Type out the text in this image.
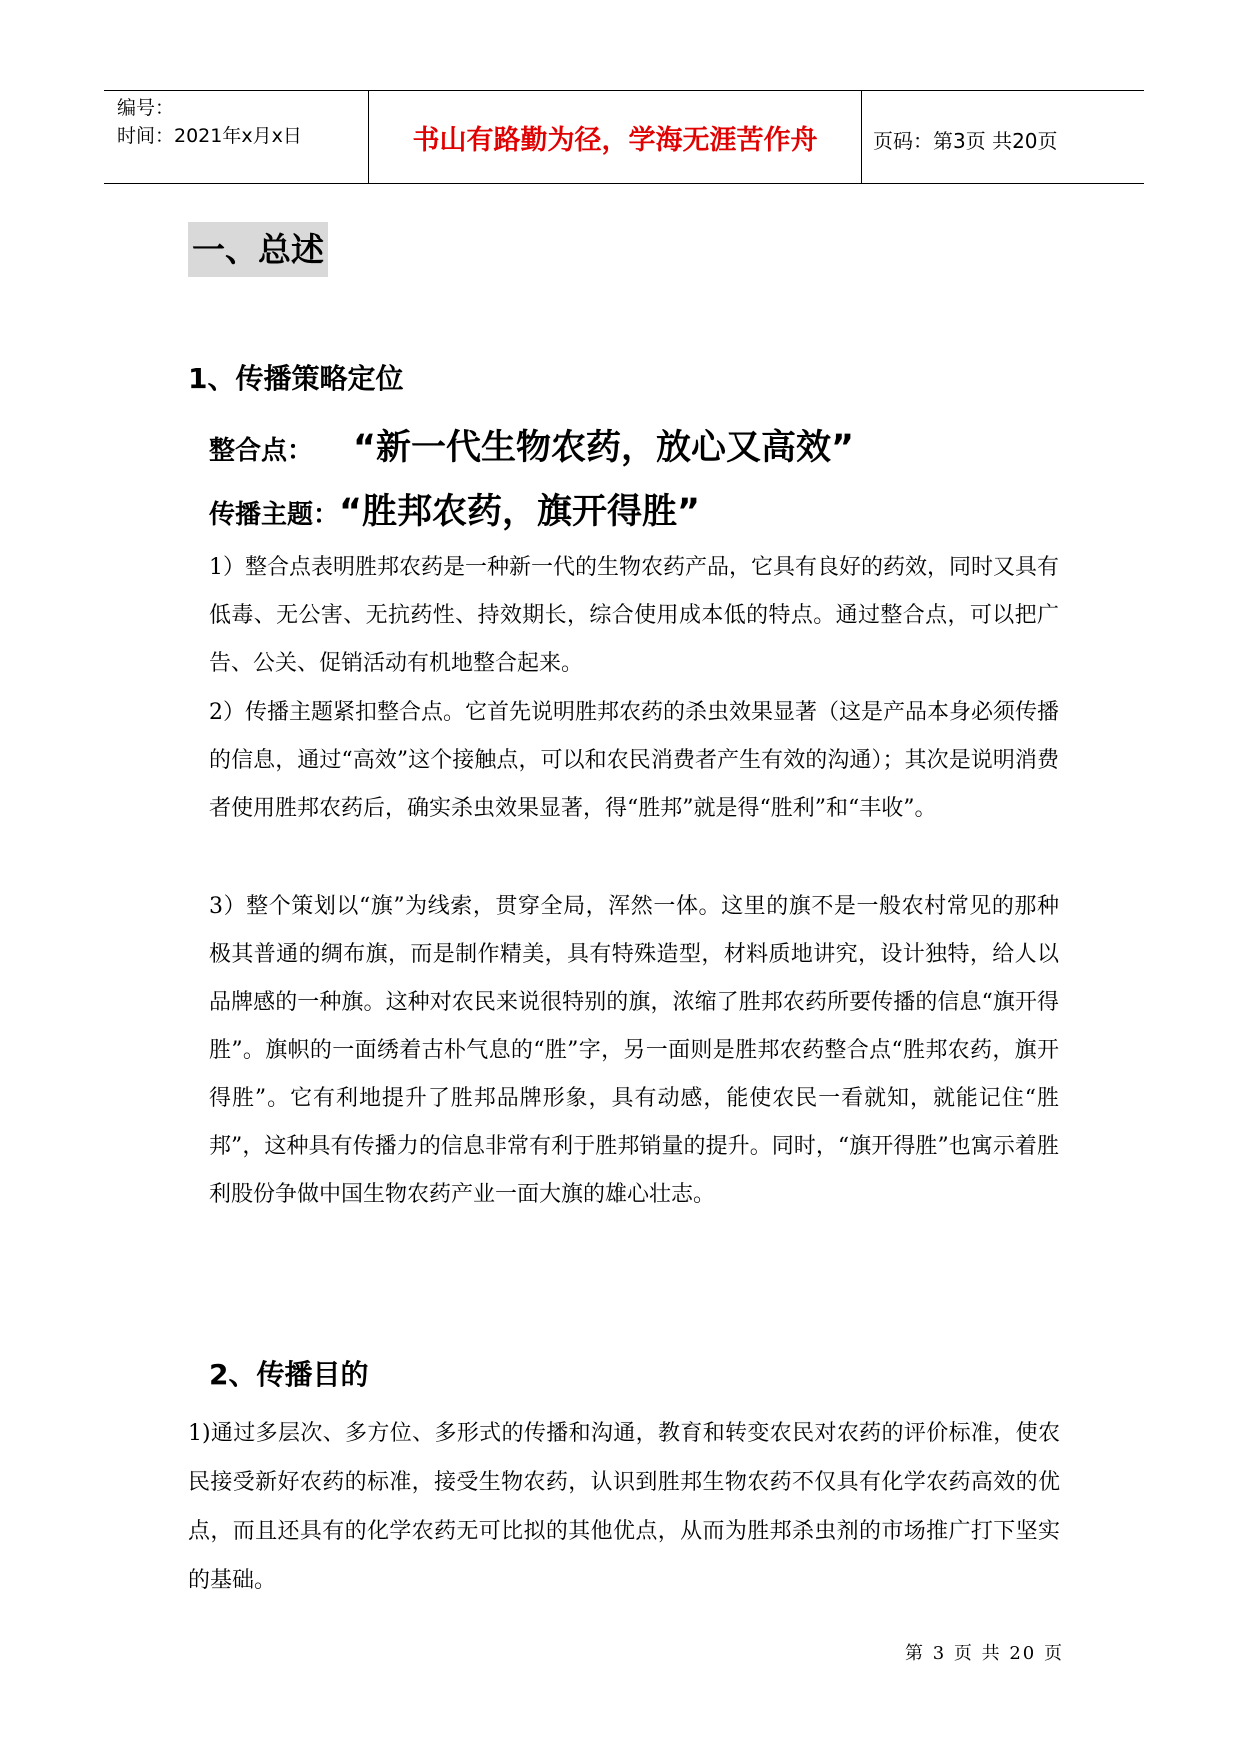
编号：
时间：2021年x月x日	书山有路勤为径，学海无涯苦作舟	页码：第3页 共20页
一、总述
1、传播策略定位
整合点： “新一代生物农药，放心又高效”
传播主题：“胜邦农药，旗开得胜”

1）整合点表明胜邦农药是一种新一代的生物农药产品，它具有良好的药效，同时又具有低毒、无公害、无抗药性、持效期长，综合使用成本低的特点。通过整合点，可以把广告、公关、促销活动有机地整合起来。

2）传播主题紧扣整合点。它首先说明胜邦农药的杀虫效果显著（这是产品本身必须传播的信息，通过“高效”这个接触点，可以和农民消费者产生有效的沟通）；其次是说明消费者使用胜邦农药后，确实杀虫效果显著，得“胜邦”就是得“胜利”和“丰收”。

3）整个策划以“旗”为线索，贯穿全局，浑然一体。这里的旗不是一般农村常见的那种极其普通的绸布旗，而是制作精美，具有特殊造型，材料质地讲究，设计独特，给人以品牌感的一种旗。这种对农民来说很特别的旗，浓缩了胜邦农药所要传播的信息“旗开得胜”。旗帜的一面绣着古朴气息的“胜”字，另一面则是胜邦农药整合点“胜邦农药，旗开得胜”。它有利地提升了胜邦品牌形象，具有动感，能使农民一看就知，就能记住“胜邦”，这种具有传播力的信息非常有利于胜邦销量的提升。同时，“旗开得胜”也寓示着胜利股份争做中国生物农药产业一面大旗的雄心壮志。

2、传播目的

1)通过多层次、多方位、多形式的传播和沟通，教育和转变农民对农药的评价标准，使农民接受新好农药的标准，接受生物农药，认识到胜邦生物农药不仅具有化学农药高效的优点，而且还具有的化学农药无可比拟的其他优点，从而为胜邦杀虫剂的市场推广打下坚实的基础。

第 3 页 共 20 页
